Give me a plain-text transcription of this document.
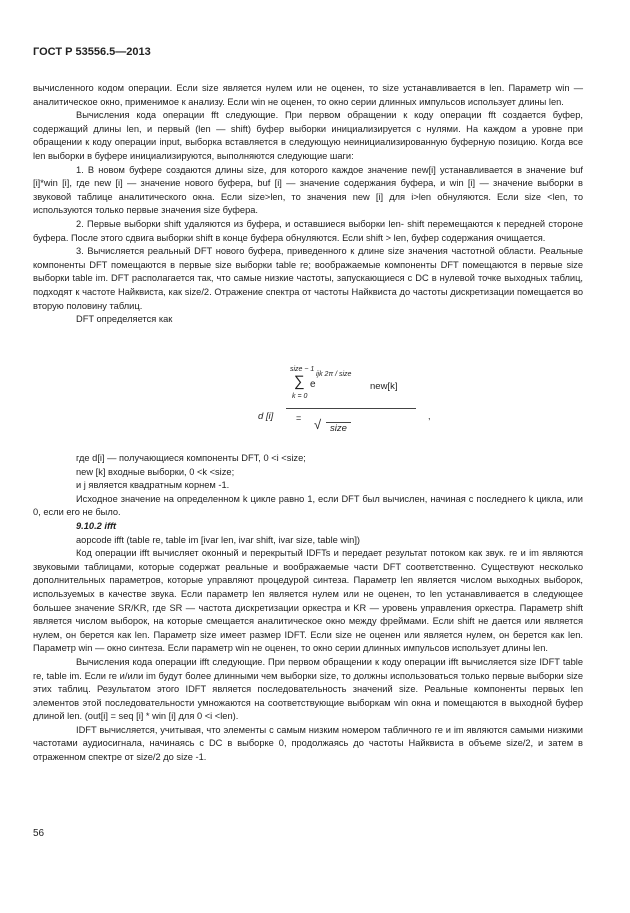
ГОСТ Р 53556.5—2013

вычисленного кодом операции. Если size является нулем или не оценен, то size устанавливается в len. Параметр win — аналитическое окно, применимое к анализу. Если win не оценен, то окно серии длинных импульсов использует длины len.

Вычисления кода операции fft следующие. При первом обращении к коду операции fft создается буфер, содержащий длины len, и первый (len — shift) буфер выборки инициализируется с нулями. На каждом a уровне при обращении к коду операции input, выборка вставляется в следующую неинициализированную буферную позицию. Когда все len выборки в буфере инициализируются, выполняются следующие шаги:

1. В новом буфере создаются длины size, для которого каждое значение new[i] устанавливается в значение buf [i]*win [i], где new [i] — значение нового буфера, buf [i] — значение содержания буфера, и win [i] — значение выборки в звуковой таблице аналитического окна. Если size>len, то значения new [i] для i>len обнуляются. Если size <len, то используются только первые значения size буфера.

2. Первые выборки shift удаляются из буфера, и оставшиеся выборки len- shift перемещаются к передней стороне буфера. После этого сдвига выборки shift в конце буфера обнуляются. Если shift > len, буфер содержания очищается.

3. Вычисляется реальный DFT нового буфера, приведенного к длине size значения частотной области. Реальные компоненты DFT помещаются в первые size выборки table re; воображаемые компоненты DFT помещаются в первые size выборки table im. DFT располагается так, что самые низкие частоты, запускающиеся с DC в нулевой точке выходных таблиц, подходят к частоте Найквиста, как size/2. Отражение спектра от частоты Найквиста до частоты дискретизации помещается во вторую половину таблиц.

DFT определяется как

d [i]	=
size − 1
∑ e
ijk 2π / size
new[k]
k = 0
√ size
,

где d[i] — получающиеся компоненты DFT, 0 <i <size;

new [k] входные выборки, 0 <k <size;

и j является квадратным корнем -1.

Исходное значение на определенном k цикле равно 1, если DFT был вычислен, начиная с последнего k цикла, или 0, если его не было.

9.10.2 ifft

aopcode ifft (table re, table im [ivar len, ivar shift, ivar size, table win])

Код операции ifft вычисляет оконный и перекрытый IDFTs и передает результат потоком как звук. re и im являются звуковыми таблицами, которые содержат реальные и воображаемые части DFT соответственно. Существуют несколько дополнительных параметров, которые управляют процедурой синтеза. Параметр len является числом выходных выборок, используемых в качестве звука. Если параметр len является нулем или не оценен, то len устанавливается в следующее большее значение SR/KR, где SR — частота дискретизации оркестра и KR — уровень управления оркестра. Параметр shift является числом выборок, на которые смещается аналитическое окно между фреймами. Если shift не дается или является нулем, он берется как len. Параметр size имеет размер IDFT. Если size не оценен или является нулем, он берется как len. Параметр win — окно синтеза. Если параметр win не оценен, то окно серии длинных импульсов использует длины len.

Вычисления кода операции ifft следующие. При первом обращении к коду операции ifft вычисляется size IDFT table re, table im. Если re и/или im будут более длинными чем выборки size, то должны использоваться только первые выборки size этих таблиц. Результатом этого IDFT является последовательность значений size. Реальные компоненты первых len элементов этой последовательности умножаются на соответствующие выборкам win окна и помещаются в выходной буфер длиной len. (out[i] = seq [i] * win [i] для 0 <i <len).

IDFT вычисляется, учитывая, что элементы с самым низким номером табличного re и im являются самыми низкими частотами аудиосигнала, начинаясь с DC в выборке 0, продолжаясь до частоты Найквиста в объеме size/2, и затем в отраженном спектре от size/2 до size -1.

56
